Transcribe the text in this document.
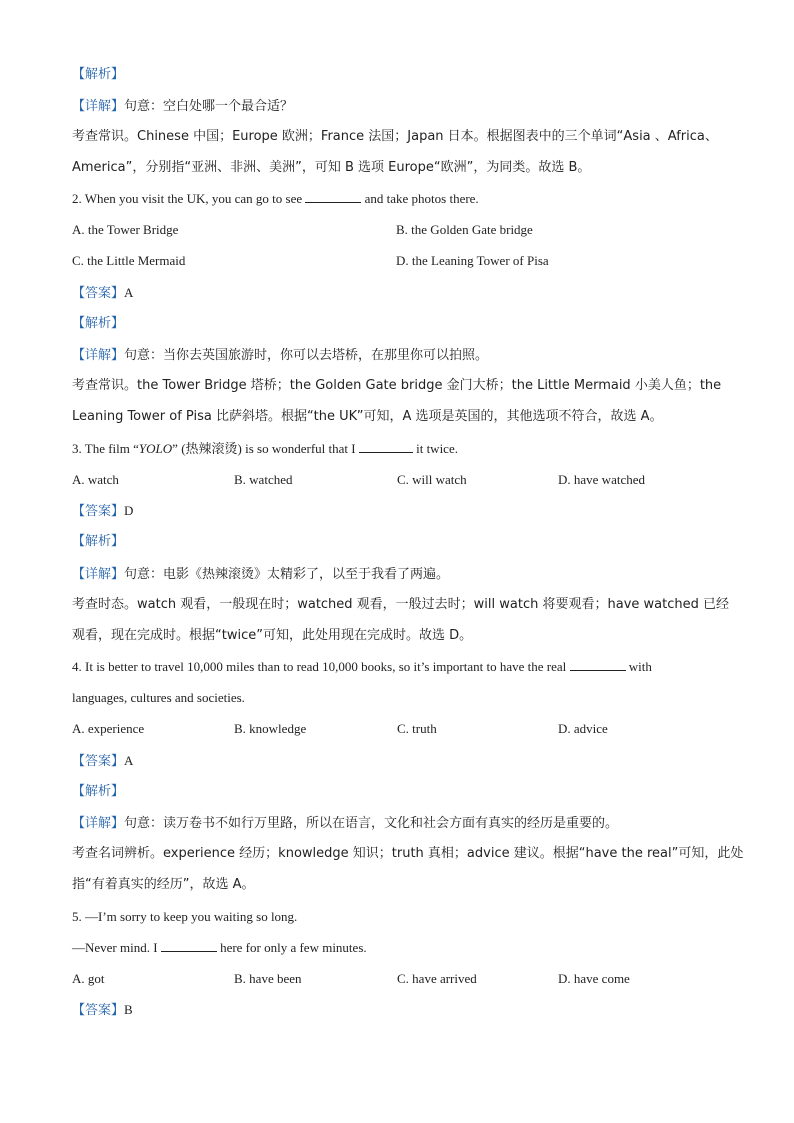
【解析】
【详解】句意：空白处哪一个最合适？
考查常识。Chinese 中国；Europe 欧洲；France 法国；Japan 日本。根据图表中的三个单词“Asia 、Africa、
America”，分别指“亚洲、非洲、美洲”，可知 B 选项 Europe“欧洲”，为同类。故选 B。
2. When you visit the UK, you can go to see	and take photos there.
A. the Tower Bridge	B. the Golden Gate bridge
C. the Little Mermaid	D. the Leaning Tower of Pisa
【答案】A
【解析】
【详解】句意：当你去英国旅游时，你可以去塔桥，在那里你可以拍照。
考查常识。the Tower Bridge 塔桥；the Golden Gate bridge 金门大桥；the Little Mermaid 小美人鱼；the
Leaning Tower of Pisa 比萨斜塔。根据“the UK”可知，A 选项是英国的，其他选项不符合，故选 A。
3. The film “YOLO” (热辣滚烫) is so wonderful that I	it twice.
A. watch	B. watched	C. will watch	D. have watched
【答案】D
【解析】
【详解】句意：电影《热辣滚烫》太精彩了，以至于我看了两遍。
考查时态。watch 观看，一般现在时；watched 观看，一般过去时；will watch 将要观看；have watched 已经
观看，现在完成时。根据“twice”可知，此处用现在完成时。故选 D。
4. It is better to travel 10,000 miles than to read 10,000 books, so it’s important to have the real	with
languages, cultures and societies.
A. experience	B. knowledge	C. truth	D. advice
【答案】A
【解析】
【详解】句意：读万卷书不如行万里路，所以在语言，文化和社会方面有真实的经历是重要的。
考查名词辨析。experience 经历；knowledge 知识；truth 真相；advice 建议。根据“have the real”可知，此处
指“有着真实的经历”，故选 A。
5. —I’m sorry to keep you waiting so long.
—Never mind. I	here for only a few minutes.
A. got	B. have been	C. have arrived	D. have come
【答案】B
